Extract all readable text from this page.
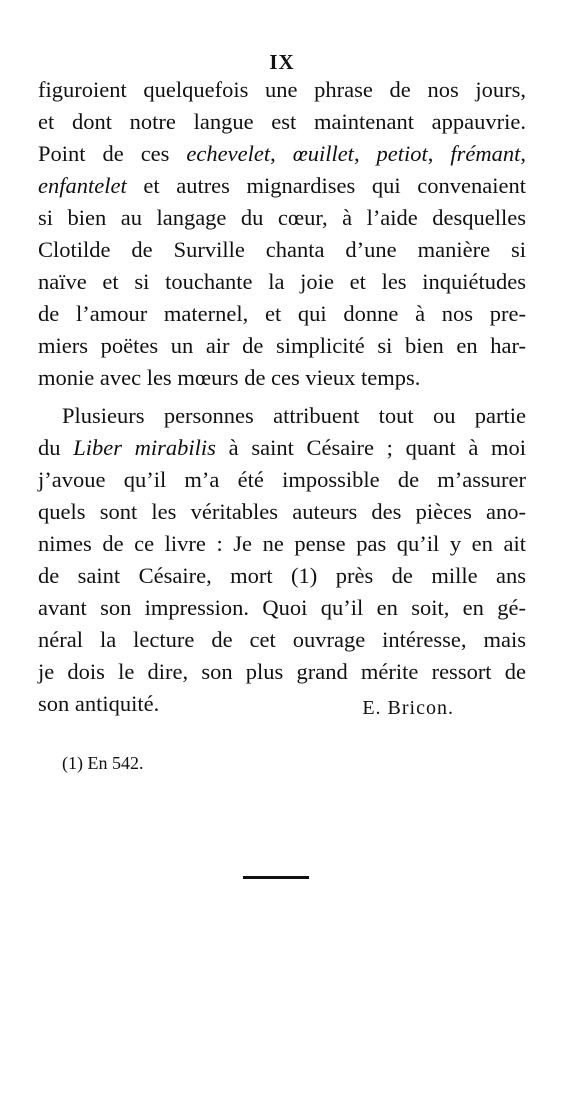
IX
figuroient quelquefois une phrase de nos jours,
et dont notre langue est maintenant appauvrie.
Point de ces echevelet, œuillet, petiot, frémant,
enfantelet et autres mignardises qui convenaient
si bien au langage du cœur, à l’aide desquelles
Clotilde de Surville chanta d’une manière si
naïve et si touchante la joie et les inquiétudes
de l’amour maternel, et qui donne à nos pre-
miers poëtes un air de simplicité si bien en har-
monie avec les mœurs de ces vieux temps.
Plusieurs personnes attribuent tout ou partie
du Liber mirabilis à saint Césaire ; quant à moi
j’avoue qu’il m’a été impossible de m’assurer
quels sont les véritables auteurs des pièces ano-
nimes de ce livre : Je ne pense pas qu’il y en ait
de saint Césaire, mort (1) près de mille ans
avant son impression. Quoi qu’il en soit, en gé-
néral la lecture de cet ouvrage intéresse, mais
je dois le dire, son plus grand mérite ressort de
son antiquité.	E. Bricon.
(1) En 542.
